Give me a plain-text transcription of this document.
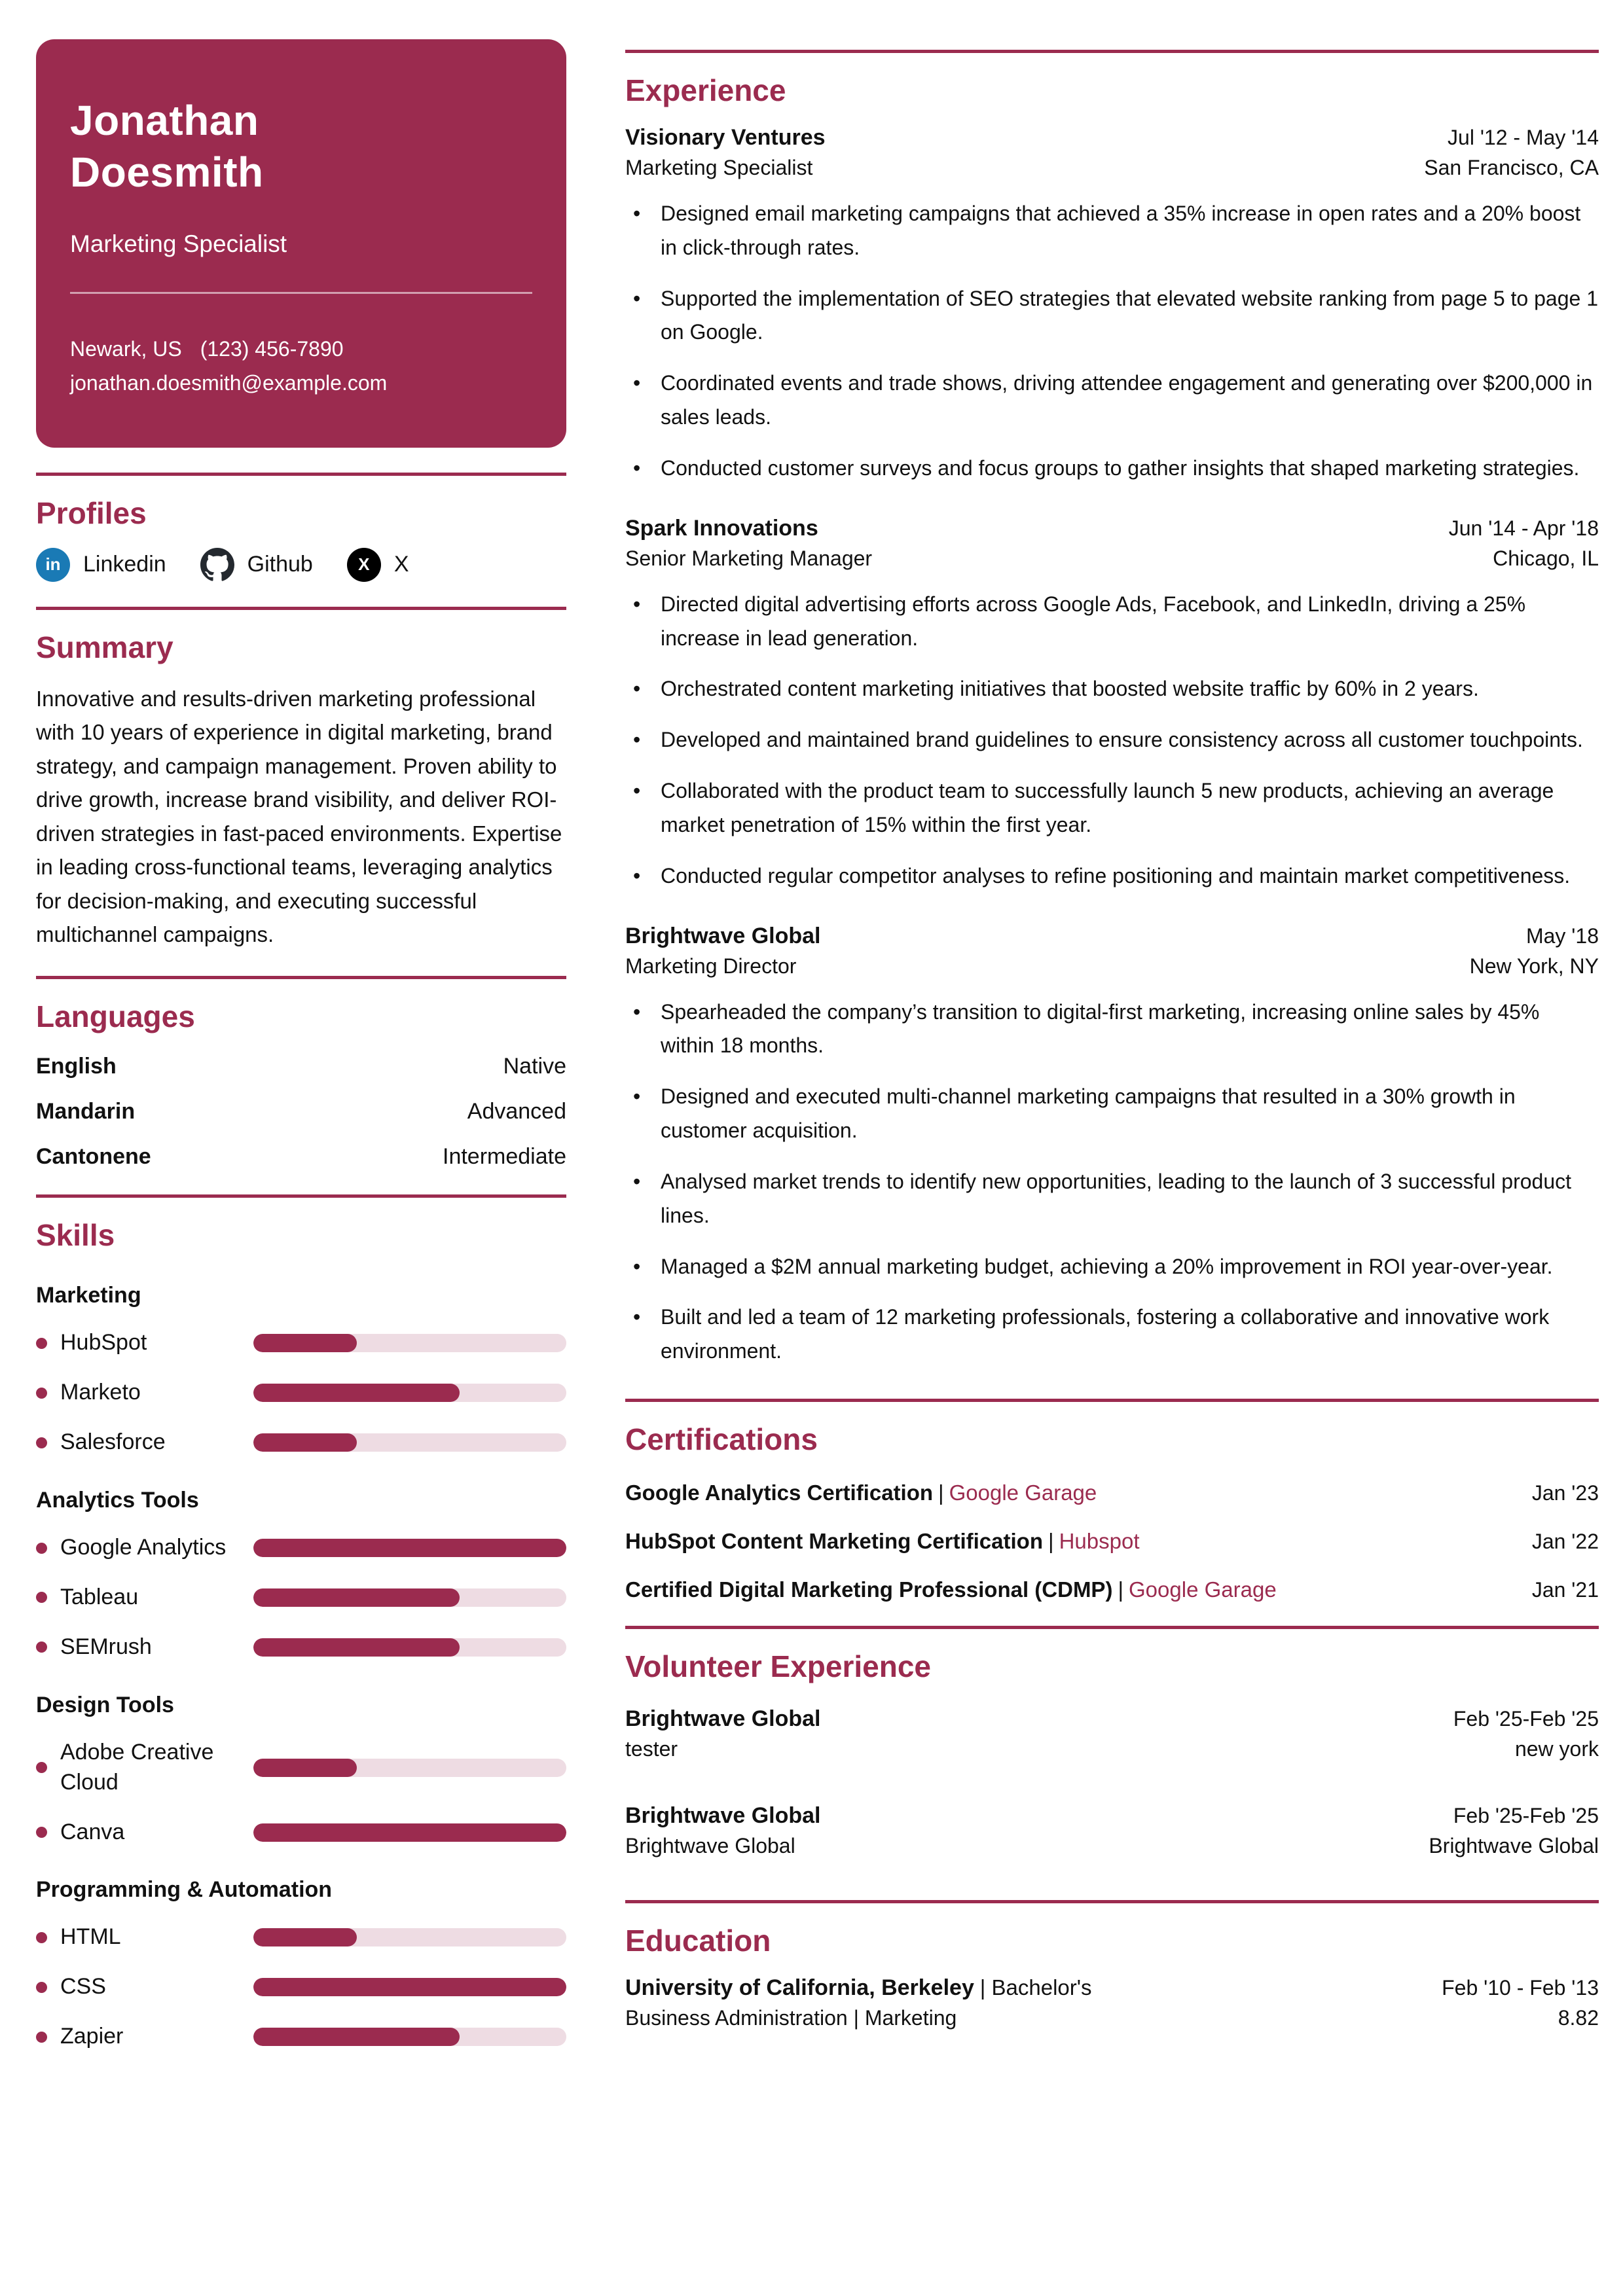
Jonathan Doesmith
Marketing Specialist
Newark, US (123) 456-7890
jonathan.doesmith@example.com
Profiles
in Linkedin	Github	X X
Summary

Innovative and results-driven marketing professional with 10 years of experience in digital marketing, brand strategy, and campaign management. Proven ability to drive growth, increase brand visibility, and deliver ROI-driven strategies in fast-paced environments. Expertise in leading cross-functional teams, leveraging analytics for decision-making, and executing successful multichannel campaigns.

Languages
English	Native
Mandarin	Advanced
Cantonene	Intermediate
Skills
Marketing
HubSpot
Marketo
Salesforce
Analytics Tools
Google Analytics
Tableau
SEMrush
Design Tools
Adobe Creative Cloud
Canva
Programming & Automation
HTML
CSS
Zapier
Experience
Visionary Ventures	Jul '12 - May '14
Marketing Specialist	San Francisco, CA
• Designed email marketing campaigns that achieved a 35% increase in open rates and a 20% boost in click-through rates.
• Supported the implementation of SEO strategies that elevated website ranking from page 5 to page 1 on Google.
• Coordinated events and trade shows, driving attendee engagement and generating over $200,000 in sales leads.
• Conducted customer surveys and focus groups to gather insights that shaped marketing strategies.
Spark Innovations	Jun '14 - Apr '18
Senior Marketing Manager	Chicago, IL
• Directed digital advertising efforts across Google Ads, Facebook, and LinkedIn, driving a 25% increase in lead generation.
• Orchestrated content marketing initiatives that boosted website traffic by 60% in 2 years.
• Developed and maintained brand guidelines to ensure consistency across all customer touchpoints.
• Collaborated with the product team to successfully launch 5 new products, achieving an average market penetration of 15% within the first year.
• Conducted regular competitor analyses to refine positioning and maintain market competitiveness.
Brightwave Global	May '18
Marketing Director	New York, NY
• Spearheaded the company’s transition to digital-first marketing, increasing online sales by 45% within 18 months.
• Designed and executed multi-channel marketing campaigns that resulted in a 30% growth in customer acquisition.
• Analysed market trends to identify new opportunities, leading to the launch of 3 successful product lines.
• Managed a $2M annual marketing budget, achieving a 20% improvement in ROI year-over-year.
• Built and led a team of 12 marketing professionals, fostering a collaborative and innovative work environment.
Certifications
Google Analytics Certification | Google Garage	Jan '23
HubSpot Content Marketing Certification | Hubspot	Jan '22
Certified Digital Marketing Professional (CDMP) | Google Garage	Jan '21
Volunteer Experience
Brightwave Global	Feb '25-Feb '25
tester	new york
Brightwave Global	Feb '25-Feb '25
Brightwave Global	Brightwave Global
Education
University of California, Berkeley | Bachelor's	Feb '10 - Feb '13
Business Administration | Marketing	8.82
